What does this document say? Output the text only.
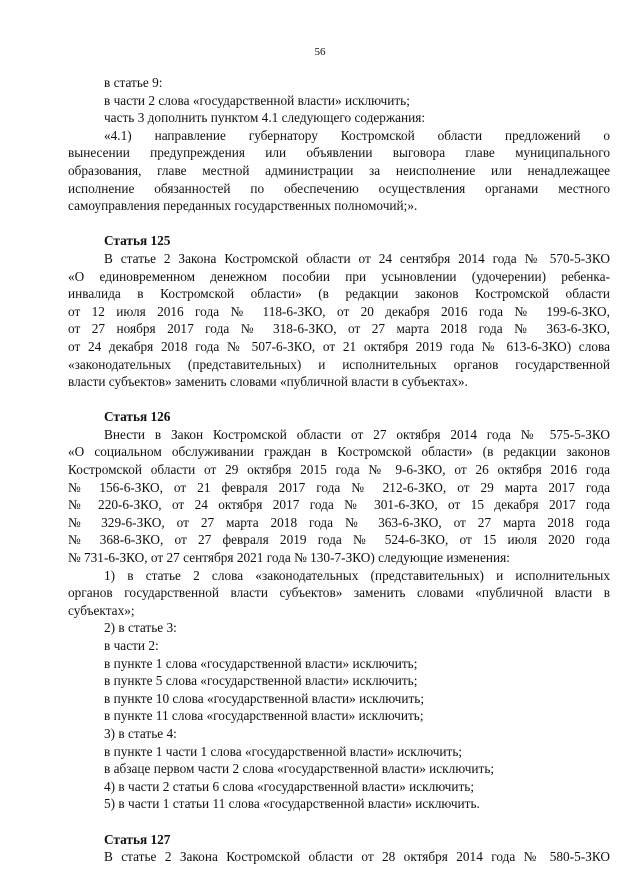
56
в статье 9:
в части 2 слова «государственной власти» исключить;
часть 3 дополнить пунктом 4.1 следующего содержания:
«4.1) направление губернатору Костромской области предложений о
вынесении предупреждения или объявлении выговора главе муниципального
образования, главе местной администрации за неисполнение или ненадлежащее
исполнение обязанностей по обеспечению осуществления органами местного
самоуправления переданных государственных полномочий;».

Статья 125

В статье 2 Закона Костромской области от 24 сентября 2014 года № 570-5-ЗКО
«О единовременном денежном пособии при усыновлении (удочерении) ребенка-
инвалида в Костромской области» (в редакции законов Костромской области
от 12 июля 2016 года № 118-6-ЗКО, от 20 декабря 2016 года № 199-6-ЗКО,
от 27 ноября 2017 года № 318-6-ЗКО, от 27 марта 2018 года № 363-6-ЗКО,
от 24 декабря 2018 года № 507-6-ЗКО, от 21 октября 2019 года № 613-6-ЗКО) слова
«законодательных (представительных) и исполнительных органов государственной
власти субъектов» заменить словами «публичной власти в субъектах».

Статья 126

Внести в Закон Костромской области от 27 октября 2014 года № 575-5-ЗКО
«О социальном обслуживании граждан в Костромской области» (в редакции законов
Костромской области от 29 октября 2015 года № 9-6-ЗКО, от 26 октября 2016 года
№ 156-6-ЗКО, от 21 февраля 2017 года № 212-6-ЗКО, от 29 марта 2017 года
№ 220-6-ЗКО, от 24 октября 2017 года № 301-6-ЗКО, от 15 декабря 2017 года
№ 329-6-ЗКО, от 27 марта 2018 года № 363-6-ЗКО, от 27 марта 2018 года
№ 368-6-ЗКО, от 27 февраля 2019 года № 524-6-ЗКО, от 15 июля 2020 года
№ 731-6-ЗКО, от 27 сентября 2021 года № 130-7-ЗКО) следующие изменения:
1) в статье 2 слова «законодательных (представительных) и исполнительных
органов государственной власти субъектов» заменить словами «публичной власти в
субъектах»;
2) в статье 3:
в части 2:
в пункте 1 слова «государственной власти» исключить;
в пункте 5 слова «государственной власти» исключить;
в пункте 10 слова «государственной власти» исключить;
в пункте 11 слова «государственной власти» исключить;
3) в статье 4:
в пункте 1 части 1 слова «государственной власти» исключить;
в абзаце первом части 2 слова «государственной власти» исключить;
4) в части 2 статьи 6 слова «государственной власти» исключить;
5) в части 1 статьи 11 слова «государственной власти» исключить.

Статья 127

В статье 2 Закона Костромской области от 28 октября 2014 года № 580-5-ЗКО
